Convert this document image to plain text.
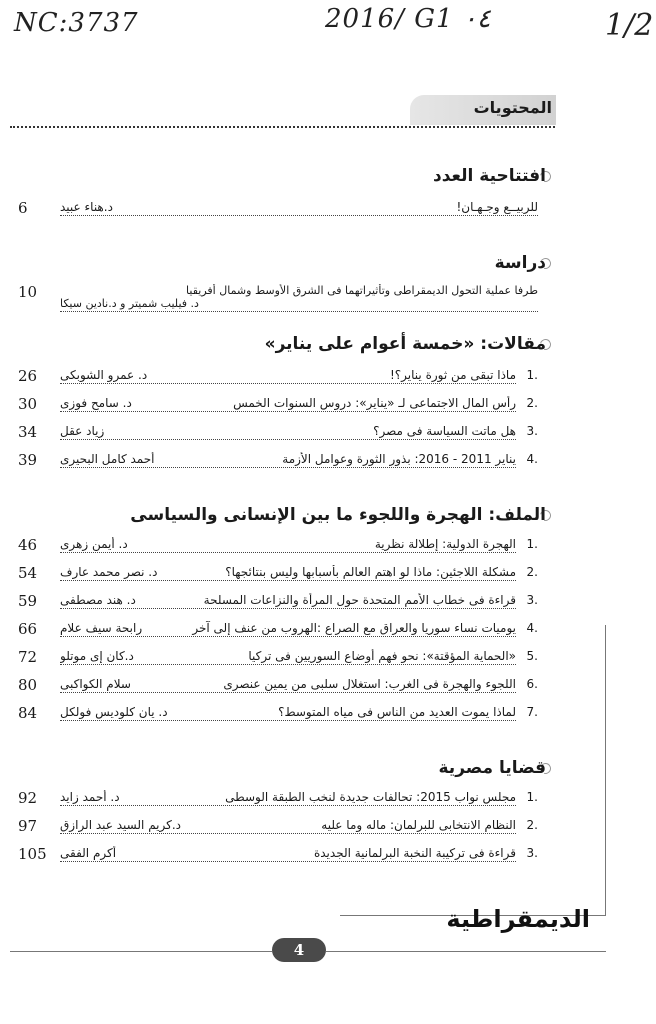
NC:3737	2016/ G1 ٠٤	1/2
المحتويات
افتتاحية العدد
6	للربيــع وجـهـان!
د.هناء عبيد
دراسة
10	طرفا عملية التحول الديمقراطى وتأثيراتهما فى الشرق الأوسط وشمال أفريقيا
د. فيليب شميتر و د.نادين سيكا
مقالات: «خمسة أعوام على يناير»
26	1.
ماذا تبقى من ثورة يناير؟!
د. عمرو الشوبكى
30	2.
رأس المال الاجتماعى لـ «يناير»: دروس السنوات الخمس
د. سامح فوزى
34	3.
هل ماتت السياسة فى مصر؟
زياد عقل
39	4.
يناير 2011 - 2016: بذور الثورة وعوامل الأزمة
أحمد كامل البحيرى
الملف: الهجرة واللجوء ما بين الإنسانى والسياسى
46	1.
الهجرة الدولية: إطلالة نظرية
د. أيمن زهرى
54	2.
مشكلة اللاجئين: ماذا لو اهتم العالم بأسبابها وليس بنتائجها؟
د. نصر محمد عارف
59	3.
قراءة فى خطاب الأمم المتحدة حول المرأة والنزاعات المسلحة
د. هند مصطفى
66	4.
يوميات نساء سوريا والعراق مع الصراع :الهروب من عنف إلى آخر
رابحة سيف علام
72	5.
«الحماية المؤقتة»: نحو فهم أوضاع السوريين فى تركيا
د.كان إى موتلو
80	6.
اللجوء والهجرة فى الغرب: استغلال سلبى من يمين عنصرى
سلام الكواكبى
84	7.
لماذا يموت العديد من الناس فى مياه المتوسط؟
د. يان كلوديس فولكل
قضايا مصرية
92	1.
مجلس نواب 2015: تحالفات جديدة لنخب الطبقة الوسطى
د. أحمد زايد
97	2.
النظام الانتخابى للبرلمان: ماله وما عليه
د.كريم السيد عبد الرازق
105	3.
قراءة فى تركيبة النخبة البرلمانية الجديدة
أكرم الفقى
4
الديمقراطية
